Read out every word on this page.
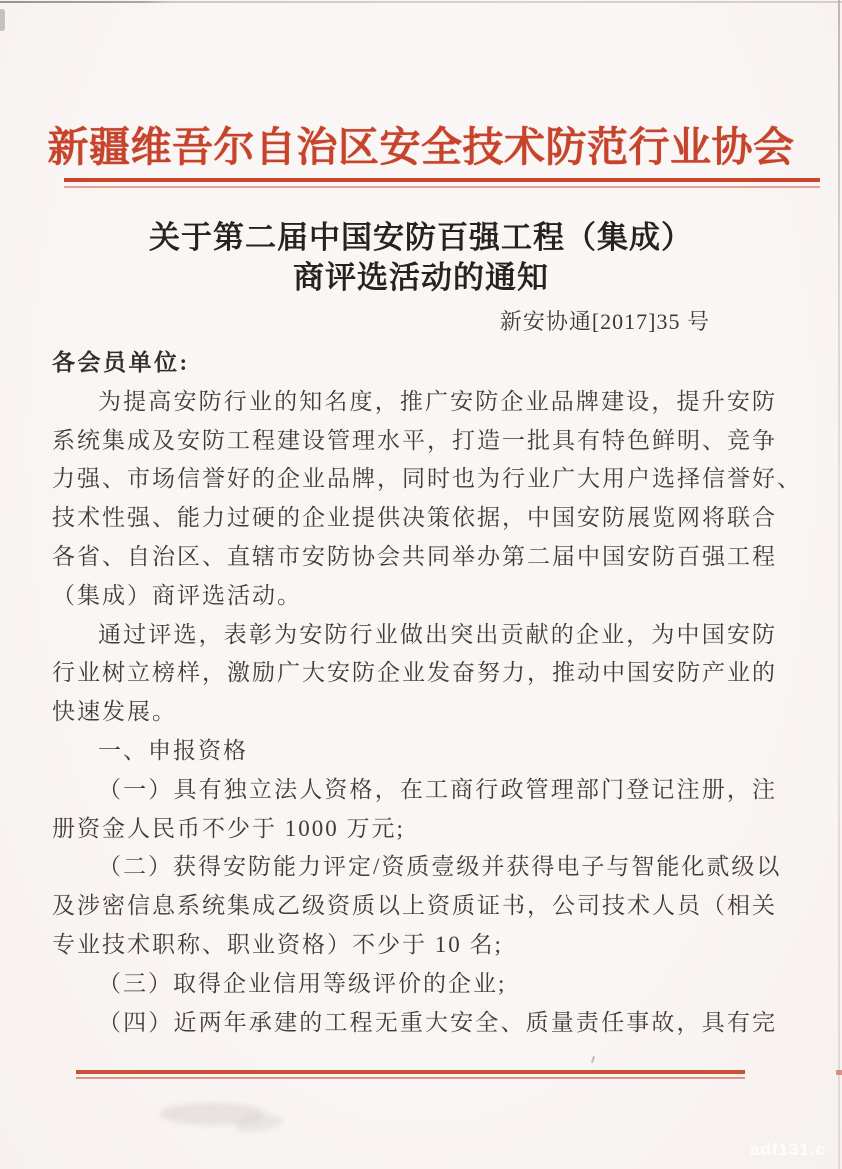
新疆维吾尔自治区安全技术防范行业协会
关于第二届中国安防百强工程（集成）
商评选活动的通知
新安协通[2017]35 号
各会员单位:
为提高安防行业的知名度，推广安防企业品牌建设，提升安防
系统集成及安防工程建设管理水平，打造一批具有特色鲜明、竞争
力强、市场信誉好的企业品牌，同时也为行业广大用户选择信誉好、
技术性强、能力过硬的企业提供决策依据，中国安防展览网将联合
各省、自治区、直辖市安防协会共同举办第二届中国安防百强工程
（集成）商评选活动。
通过评选，表彰为安防行业做出突出贡献的企业，为中国安防
行业树立榜样，激励广大安防企业发奋努力，推动中国安防产业的
快速发展。
一、申报资格
（一）具有独立法人资格，在工商行政管理部门登记注册，注
册资金人民币不少于 1000 万元;
（二）获得安防能力评定/资质壹级并获得电子与智能化贰级以
及涉密信息系统集成乙级资质以上资质证书，公司技术人员（相关
专业技术职称、职业资格）不少于 10 名;
（三）取得企业信用等级评价的企业;
（四）近两年承建的工程无重大安全、质量责任事故，具有完
adf131.c
